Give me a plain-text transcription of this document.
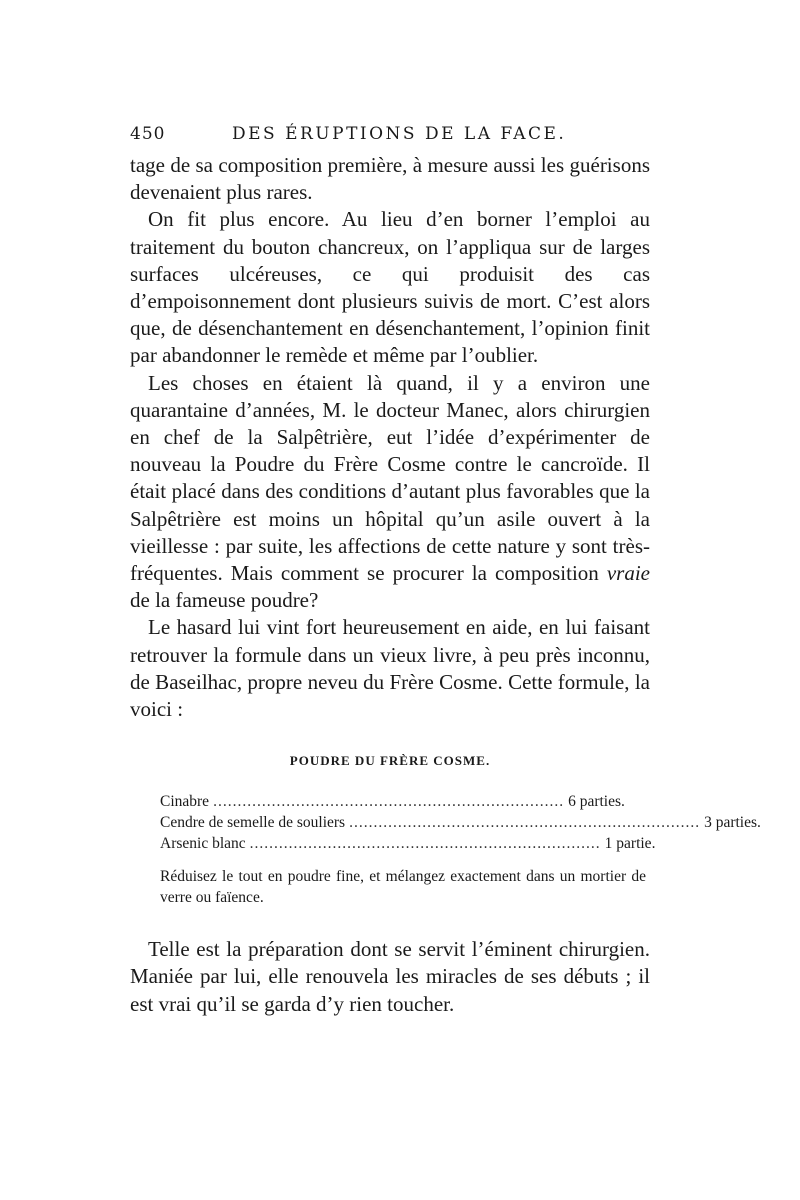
450	DES ÉRUPTIONS DE LA FACE.

tage de sa composition première, à mesure aussi les guérisons devenaient plus rares.

On fit plus encore. Au lieu d’en borner l’emploi au traitement du bouton chancreux, on l’appliqua sur de larges surfaces ulcéreuses, ce qui produisit des cas d’empoisonnement dont plusieurs suivis de mort. C’est alors que, de désenchantement en désenchantement, l’opinion finit par abandonner le remède et même par l’oublier.

Les choses en étaient là quand, il y a environ une quarantaine d’années, M. le docteur Manec, alors chirurgien en chef de la Salpêtrière, eut l’idée d’expérimenter de nouveau la Poudre du Frère Cosme contre le cancroïde. Il était placé dans des conditions d’autant plus favorables que la Salpêtrière est moins un hôpital qu’un asile ouvert à la vieillesse : par suite, les affections de cette nature y sont très-fréquentes. Mais comment se procurer la composition vraie de la fameuse poudre?

Le hasard lui vint fort heureusement en aide, en lui faisant retrouver la formule dans un vieux livre, à peu près inconnu, de Baseilhac, propre neveu du Frère Cosme. Cette formule, la voici :

POUDRE DU FRÈRE COSME.
Cinabre ........................................................................ 6 parties.
Cendre de semelle de souliers ........................................................................ 3 parties.
Arsenic blanc ........................................................................ 1 partie.
Réduisez le tout en poudre fine, et mélangez exactement dans un mortier de verre ou faïence.

Telle est la préparation dont se servit l’éminent chirurgien. Maniée par lui, elle renouvela les miracles de ses débuts ; il est vrai qu’il se garda d’y rien toucher.
